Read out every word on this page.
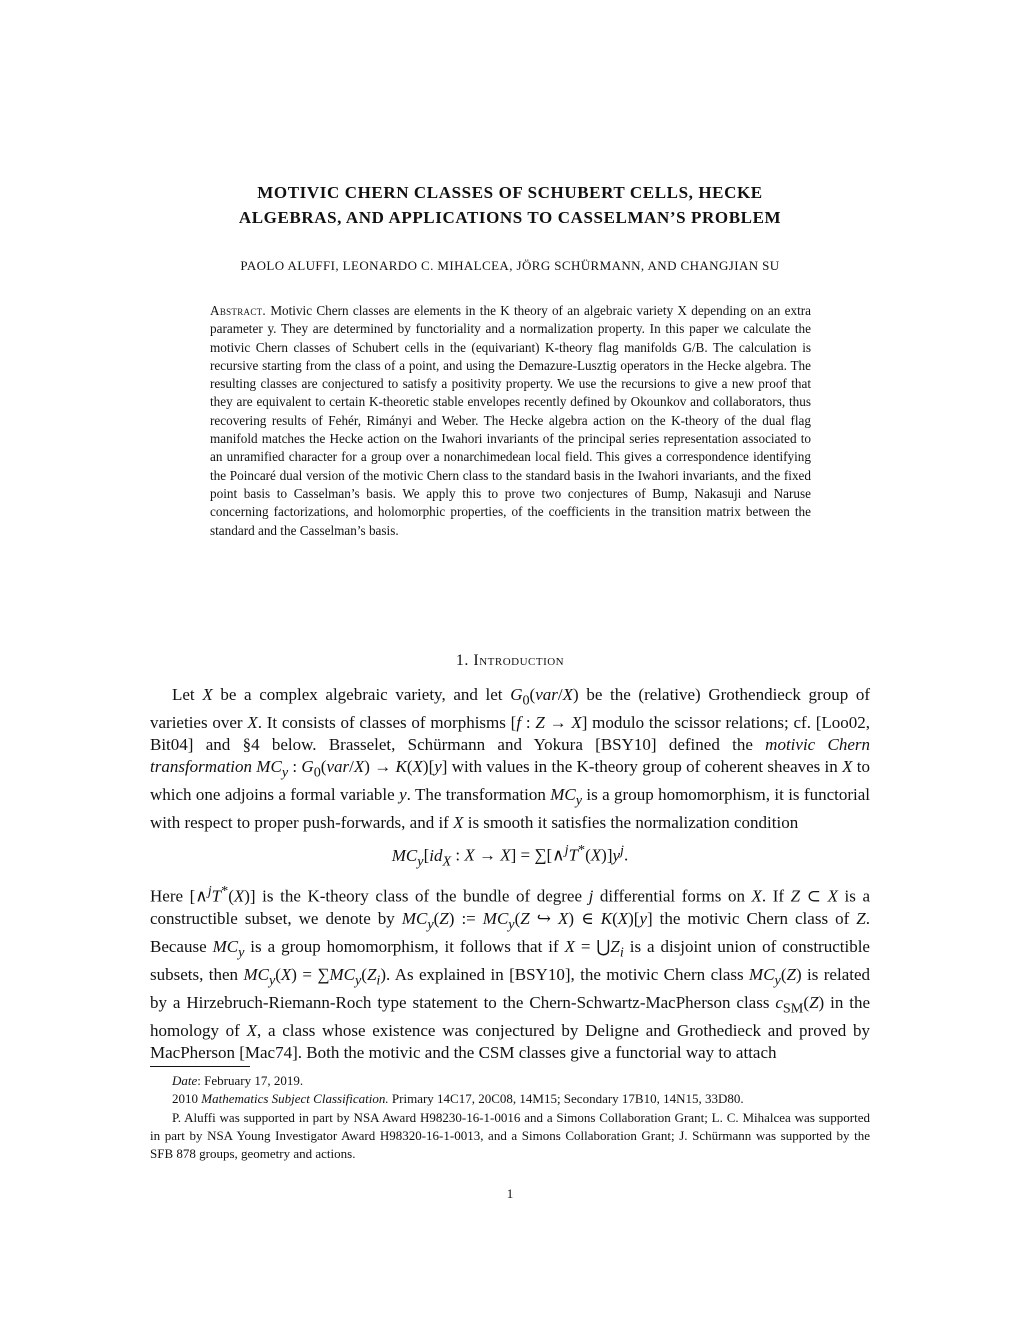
MOTIVIC CHERN CLASSES OF SCHUBERT CELLS, HECKE
ALGEBRAS, AND APPLICATIONS TO CASSELMAN’S PROBLEM
PAOLO ALUFFI, LEONARDO C. MIHALCEA, JÖRG SCHÜRMANN, AND CHANGJIAN SU
Abstract. Motivic Chern classes are elements in the K theory of an algebraic variety X depending on an extra parameter y. They are determined by functoriality and a normalization property. In this paper we calculate the motivic Chern classes of Schubert cells in the (equivariant) K-theory flag manifolds G/B. The calculation is recursive starting from the class of a point, and using the Demazure-Lusztig operators in the Hecke algebra. The resulting classes are conjectured to satisfy a positivity property. We use the recursions to give a new proof that they are equivalent to certain K-theoretic stable envelopes recently defined by Okounkov and collaborators, thus recovering results of Fehér, Rimányi and Weber. The Hecke algebra action on the K-theory of the dual flag manifold matches the Hecke action on the Iwahori invariants of the principal series representation associated to an unramified character for a group over a nonarchimedean local field. This gives a correspondence identifying the Poincaré dual version of the motivic Chern class to the standard basis in the Iwahori invariants, and the fixed point basis to Casselman’s basis. We apply this to prove two conjectures of Bump, Nakasuji and Naruse concerning factorizations, and holomorphic properties, of the coefficients in the transition matrix between the standard and the Casselman’s basis.
1. Introduction

Let X be a complex algebraic variety, and let $G_0(var/X)$ be the (relative) Grothendieck group of varieties over X. It consists of classes of morphisms [f : Z → X] modulo the scissor relations; cf. [Loo02, Bit04] and §4 below. Brasselet, Schürmann and Yokura [BSY10] defined the motivic Chern transformation $MC_y$ : $G_0(var/X) \to K(X)[y]$ with values in the K-theory group of coherent sheaves in X to which one adjoins a formal variable y. The transformation $MC_y$ is a group homomorphism, it is functorial with respect to proper push-forwards, and if X is smooth it satisfies the normalization condition

$MC_y[id_X$ : $X \to X] = \sum[\wedge^jT^*(X)]y^j$.

Here [∧$^j$T*(X)] is the K-theory class of the bundle of degree j differential forms on X. If Z ⊂ X is a constructible subset, we denote by $MC_y(Z)$ := $MC_y(Z$ ↪ X) ∈ K(X)[y] the motivic Chern class of Z. Because $MC_y$ is a group homomorphism, it follows that if $X = ⋃Z_i$ is a disjoint union of constructible subsets, then $MC_y(X) = \sum MC_y(Z_i)$. As explained in [BSY10], the motivic Chern class $MC_y(Z)$ is related by a Hirzebruch-Riemann-Roch type statement to the Chern-Schwartz-MacPherson class $c_{SM}(Z)$ in the homology of X, a class whose existence was conjectured by Deligne and Grothedieck and proved by MacPherson [Mac74]. Both the motivic and the CSM classes give a functorial way to attach

Date: February 17, 2019.

2010 Mathematics Subject Classification. Primary 14C17, 20C08, 14M15; Secondary 17B10, 14N15, 33D80.

P. Aluffi was supported in part by NSA Award H98230-16-1-0016 and a Simons Collaboration Grant; L. C. Mihalcea was supported in part by NSA Young Investigator Award H98320-16-1-0013, and a Simons Collaboration Grant; J. Schürmann was supported by the SFB 878 groups, geometry and actions.

1
